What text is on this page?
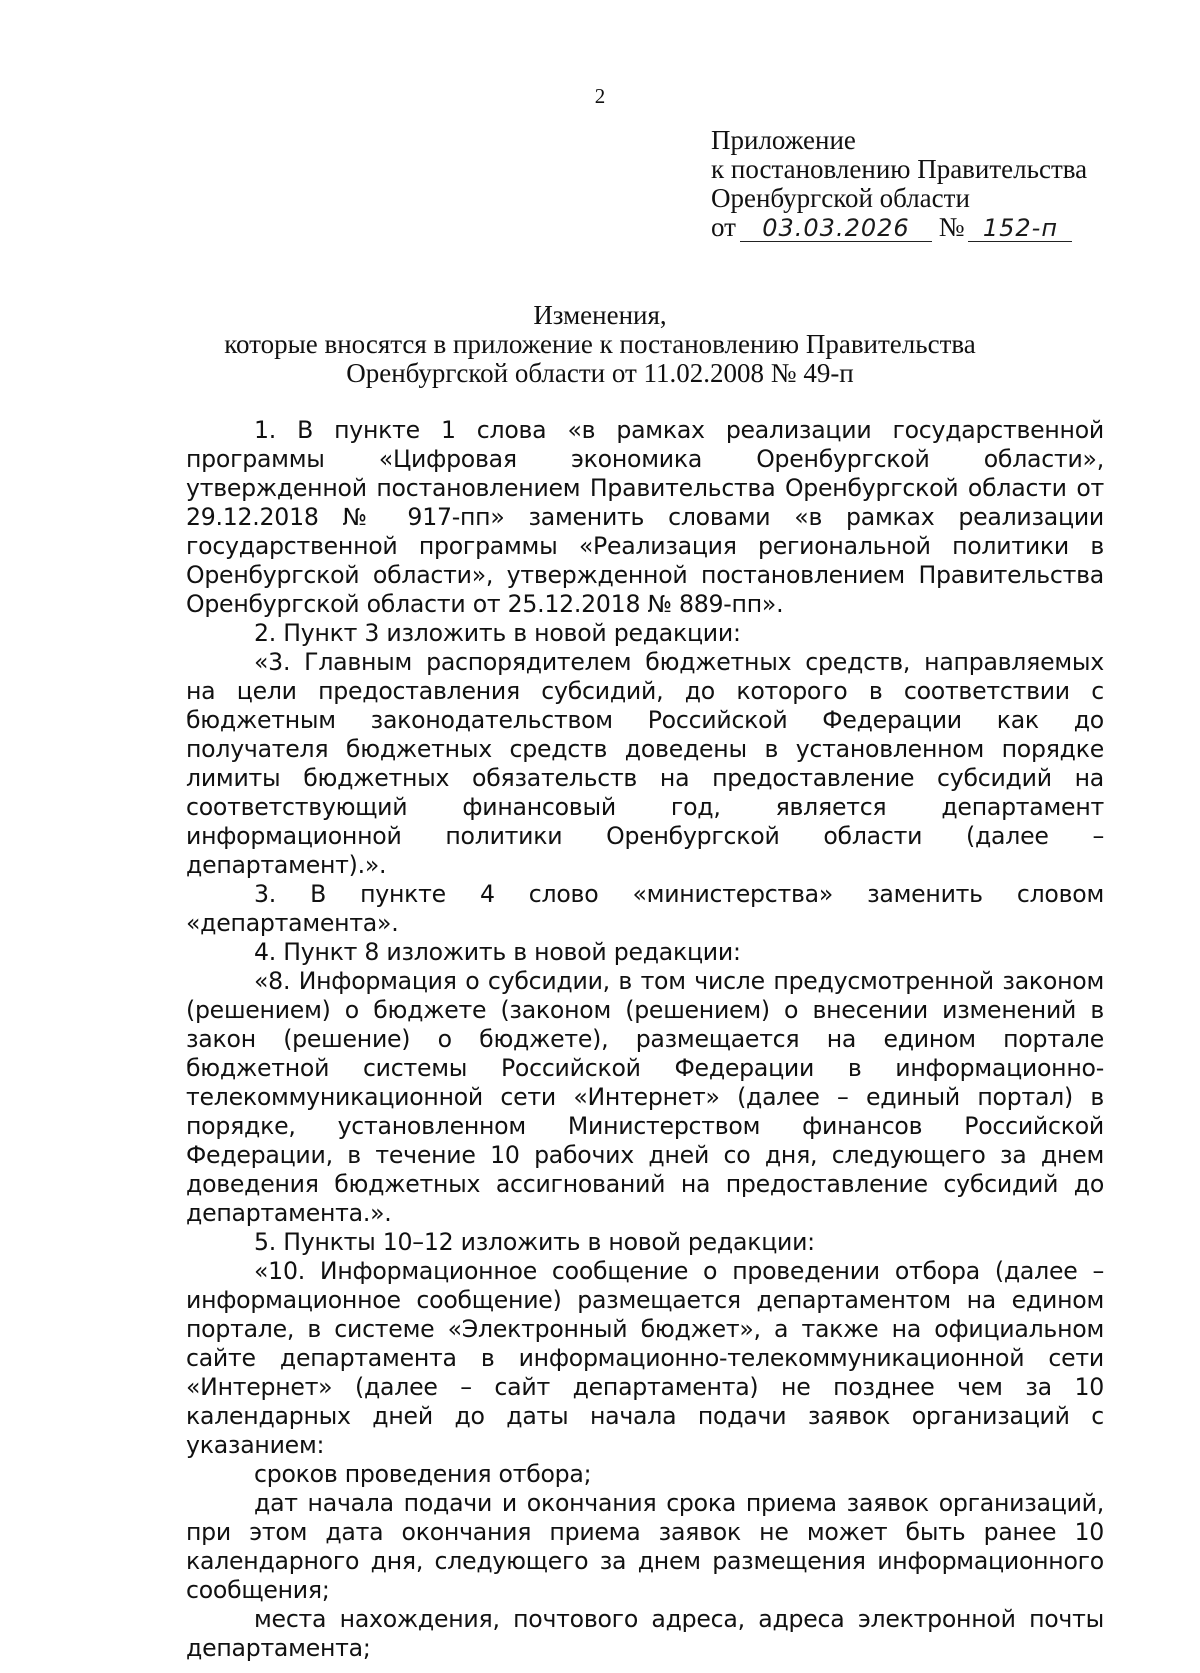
2
Приложение
к постановлению Правительства
Оренбургской области
от 03.03.2026 № 152-п
Изменения,
которые вносятся в приложение к постановлению Правительства
Оренбургской области от 11.02.2008 № 49-п

1. В пункте 1 слова «в рамках реализации государственной программы «Цифровая экономика Оренбургской области», утвержденной постановлением Правительства Оренбургской области от 29.12.2018 № 917-пп» заменить словами «в рамках реализации государственной программы «Реализация региональной политики в Оренбургской области», утвержденной постановлением Правительства Оренбургской области от 25.12.2018 № 889-пп».

2. Пункт 3 изложить в новой редакции:

«3. Главным распорядителем бюджетных средств, направляемых на цели предоставления субсидий, до которого в соответствии с бюджетным законодательством Российской Федерации как до получателя бюджетных средств доведены в установленном порядке лимиты бюджетных обязательств на предоставление субсидий на соответствующий финансовый год, является департамент информационной политики Оренбургской области (далее – департамент).».

3. В пункте 4 слово «министерства» заменить словом «департамента».

4. Пункт 8 изложить в новой редакции:

«8. Информация о субсидии, в том числе предусмотренной законом (решением) о бюджете (законом (решением) о внесении изменений в закон (решение) о бюджете), размещается на едином портале бюджетной системы Российской Федерации в информационно-телекоммуникационной сети «Интернет» (далее – единый портал) в порядке, установленном Министерством финансов Российской Федерации, в течение 10 рабочих дней со дня, следующего за днем доведения бюджетных ассигнований на предоставление субсидий до департамента.».

5. Пункты 10–12 изложить в новой редакции:

«10. Информационное сообщение о проведении отбора (далее – информационное сообщение) размещается департаментом на едином портале, в системе «Электронный бюджет», а также на официальном сайте департамента в информационно-телекоммуникационной сети «Интернет» (далее – сайт департамента) не позднее чем за 10 календарных дней до даты начала подачи заявок организаций с указанием:

сроков проведения отбора;

дат начала подачи и окончания срока приема заявок организаций, при этом дата окончания приема заявок не может быть ранее 10 календарного дня, следующего за днем размещения информационного сообщения;

места нахождения, почтового адреса, адреса электронной почты департамента;
